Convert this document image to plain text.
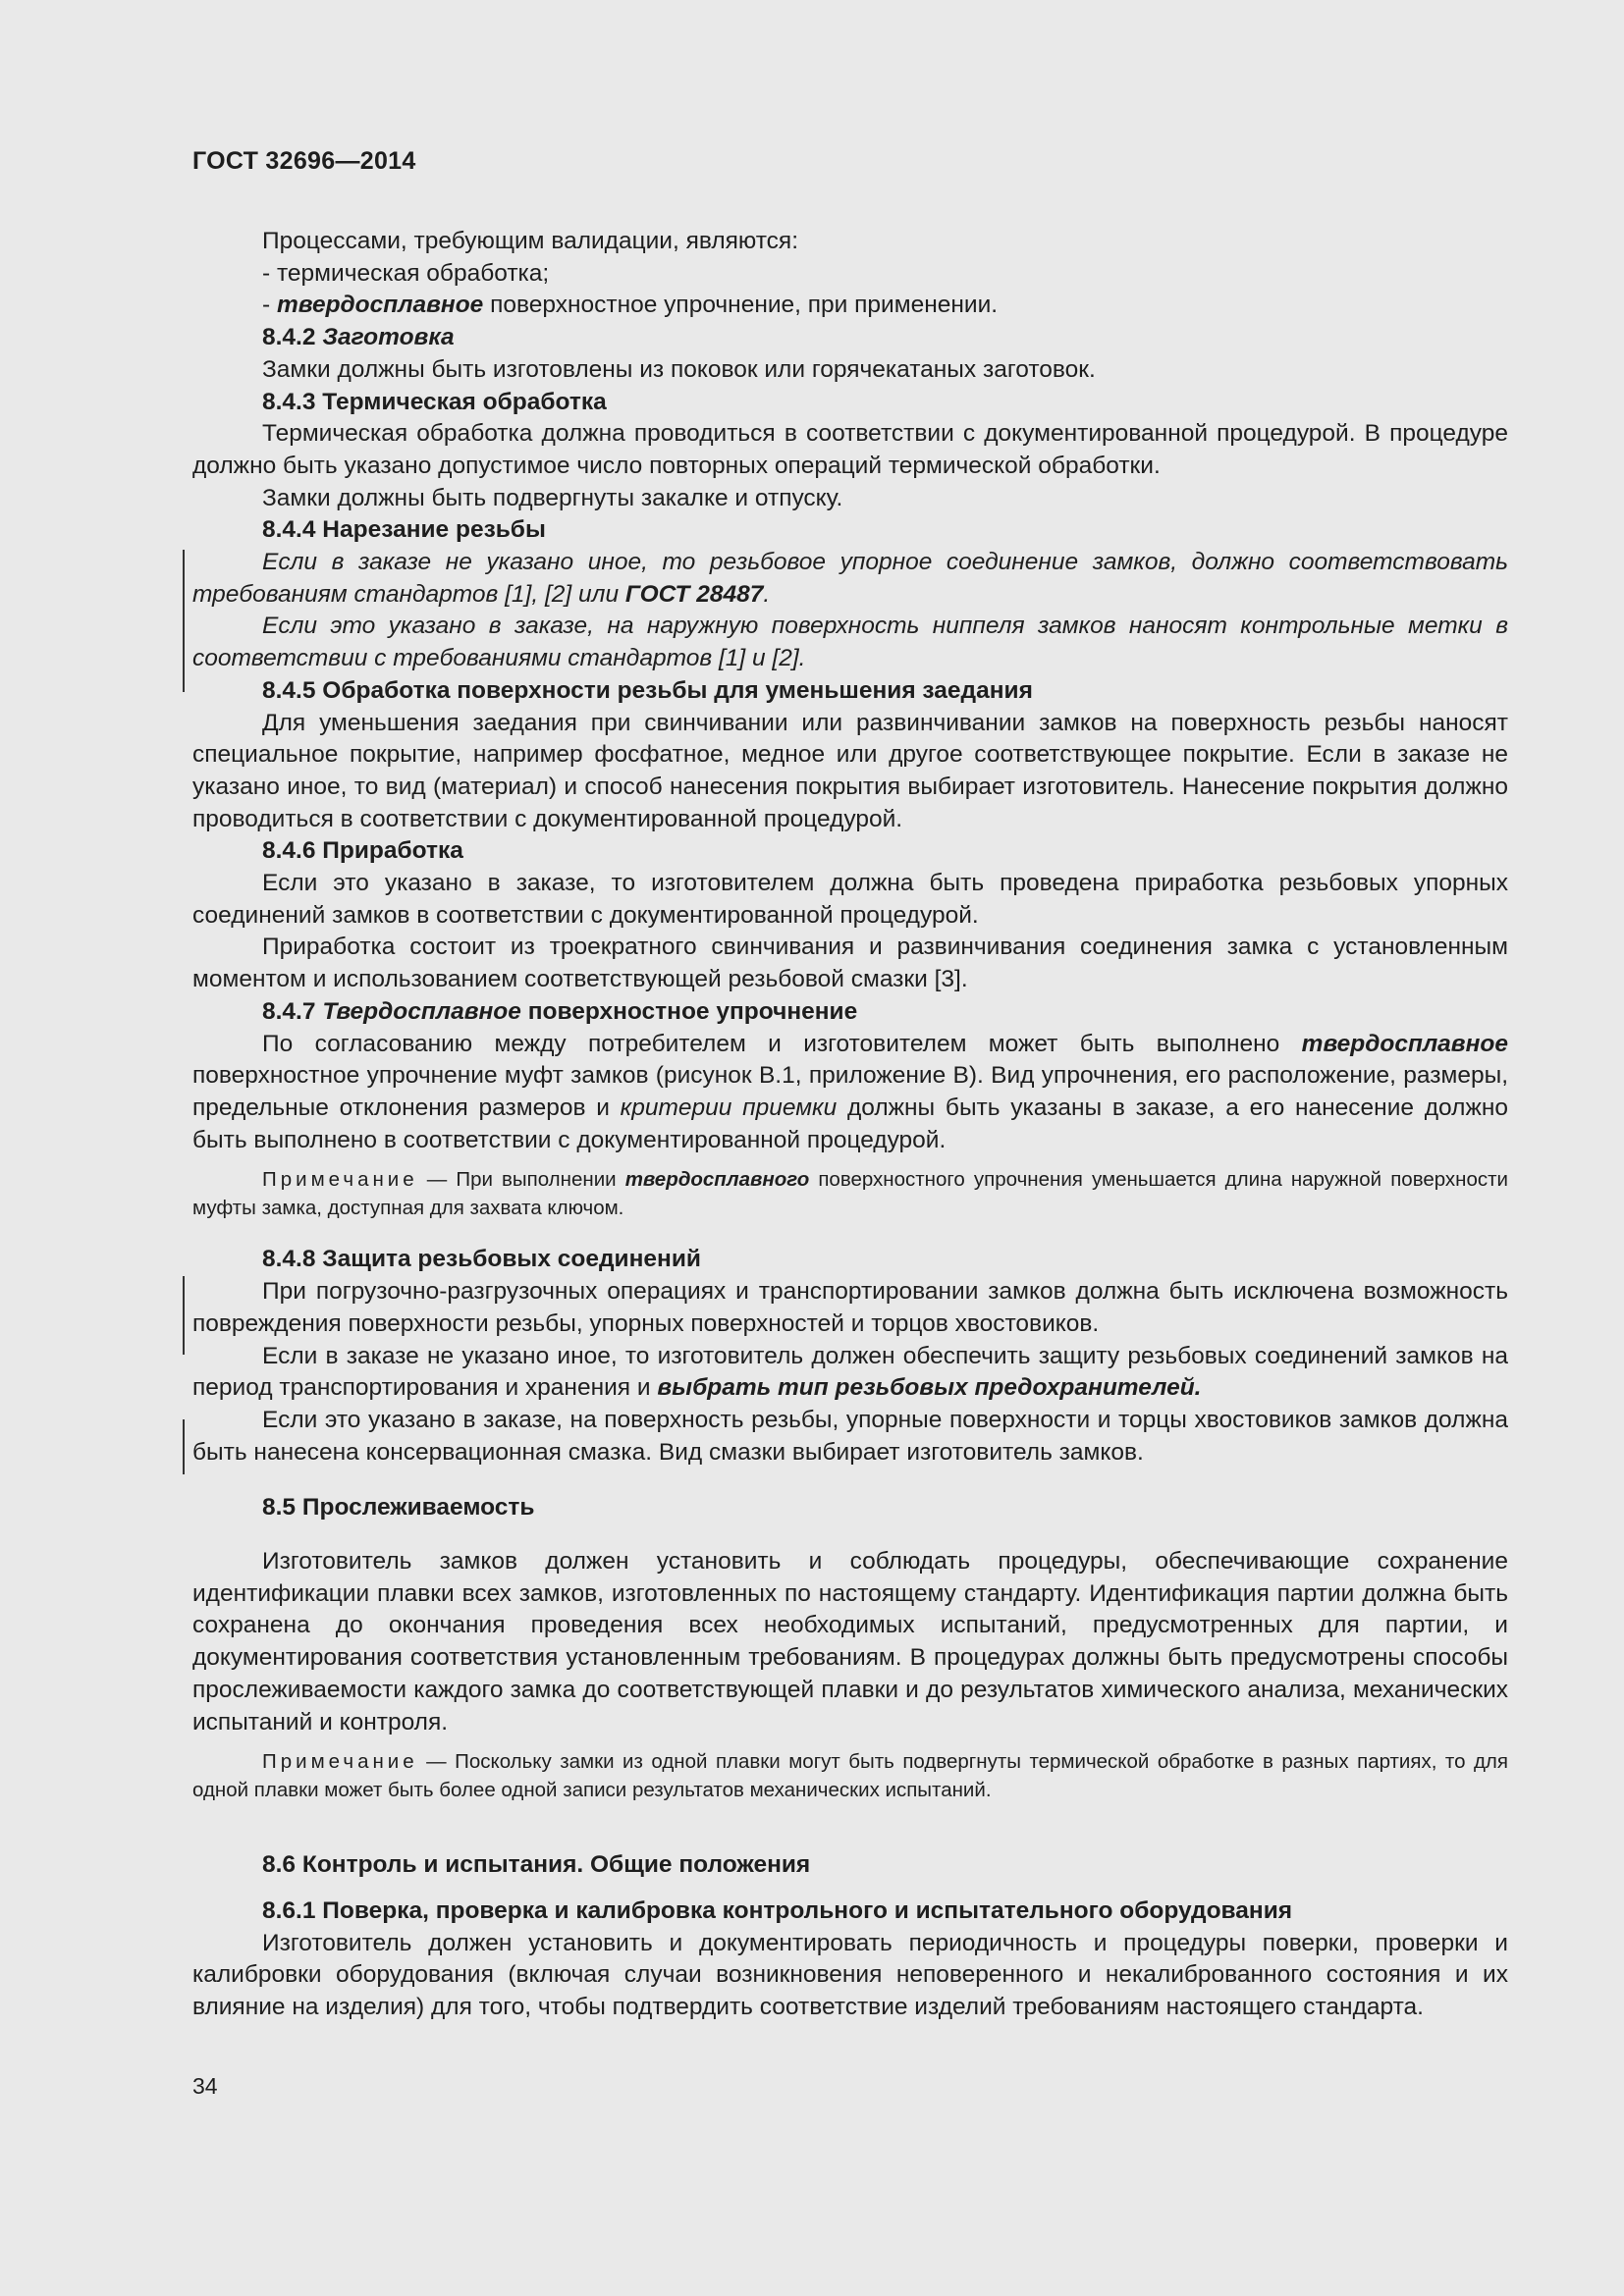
ГОСТ 32696—2014

Процессами, требующим валидации, являются:

- термическая обработка;

- твердосплавное поверхностное упрочнение, при применении.

8.4.2 Заготовка

Замки должны быть изготовлены из поковок или горячекатаных заготовок.

8.4.3 Термическая обработка

Термическая обработка должна проводиться в соответствии с документированной процедурой. В процедуре должно быть указано допустимое число повторных операций термической обработки.

Замки должны быть подвергнуты закалке и отпуску.

8.4.4 Нарезание резьбы

Если в заказе не указано иное, то резьбовое упорное соединение замков, должно соответствовать требованиям стандартов [1], [2] или ГОСТ 28487.

Если это указано в заказе, на наружную поверхность ниппеля замков наносят контрольные метки в соответствии с требованиями стандартов [1] и [2].

8.4.5 Обработка поверхности резьбы для уменьшения заедания

Для уменьшения заедания при свинчивании или развинчивании замков на поверхность резьбы наносят специальное покрытие, например фосфатное, медное или другое соответствующее покрытие. Если в заказе не указано иное, то вид (материал) и способ нанесения покрытия выбирает изготовитель. Нанесение покрытия должно проводиться в соответствии с документированной процедурой.

8.4.6 Приработка

Если это указано в заказе, то изготовителем должна быть проведена приработка резьбовых упорных соединений замков в соответствии с документированной процедурой.

Приработка состоит из троекратного свинчивания и развинчивания соединения замка с установленным моментом и использованием соответствующей резьбовой смазки [3].

8.4.7 Твердосплавное поверхностное упрочнение

По согласованию между потребителем и изготовителем может быть выполнено твердосплавное поверхностное упрочнение муфт замков (рисунок В.1, приложение В). Вид упрочнения, его расположение, размеры, предельные отклонения размеров и критерии приемки должны быть указаны в заказе, а его нанесение должно быть выполнено в соответствии с документированной процедурой.

Примечание — При выполнении твердосплавного поверхностного упрочнения уменьшается длина наружной поверхности муфты замка, доступная для захвата ключом.

8.4.8 Защита резьбовых соединений

При погрузочно-разгрузочных операциях и транспортировании замков должна быть исключена возможность повреждения поверхности резьбы, упорных поверхностей и торцов хвостовиков.

Если в заказе не указано иное, то изготовитель должен обеспечить защиту резьбовых соединений замков на период транспортирования и хранения и выбрать тип резьбовых предохранителей.

Если это указано в заказе, на поверхность резьбы, упорные поверхности и торцы хвостовиков замков должна быть нанесена консервационная смазка. Вид смазки выбирает изготовитель замков.

8.5 Прослеживаемость

Изготовитель замков должен установить и соблюдать процедуры, обеспечивающие сохранение идентификации плавки всех замков, изготовленных по настоящему стандарту. Идентификация партии должна быть сохранена до окончания проведения всех необходимых испытаний, предусмотренных для партии, и документирования соответствия установленным требованиям. В процедурах должны быть предусмотрены способы прослеживаемости каждого замка до соответствующей плавки и до результатов химического анализа, механических испытаний и контроля.

Примечание — Поскольку замки из одной плавки могут быть подвергнуты термической обработке в разных партиях, то для одной плавки может быть более одной записи результатов механических испытаний.

8.6 Контроль и испытания. Общие положения

8.6.1 Поверка, проверка и калибровка контрольного и испытательного оборудования

Изготовитель должен установить и документировать периодичность и процедуры поверки, проверки и калибровки оборудования (включая случаи возникновения неповеренного и некалиброванного состояния и их влияние на изделия) для того, чтобы подтвердить соответствие изделий требованиям настоящего стандарта.

34
